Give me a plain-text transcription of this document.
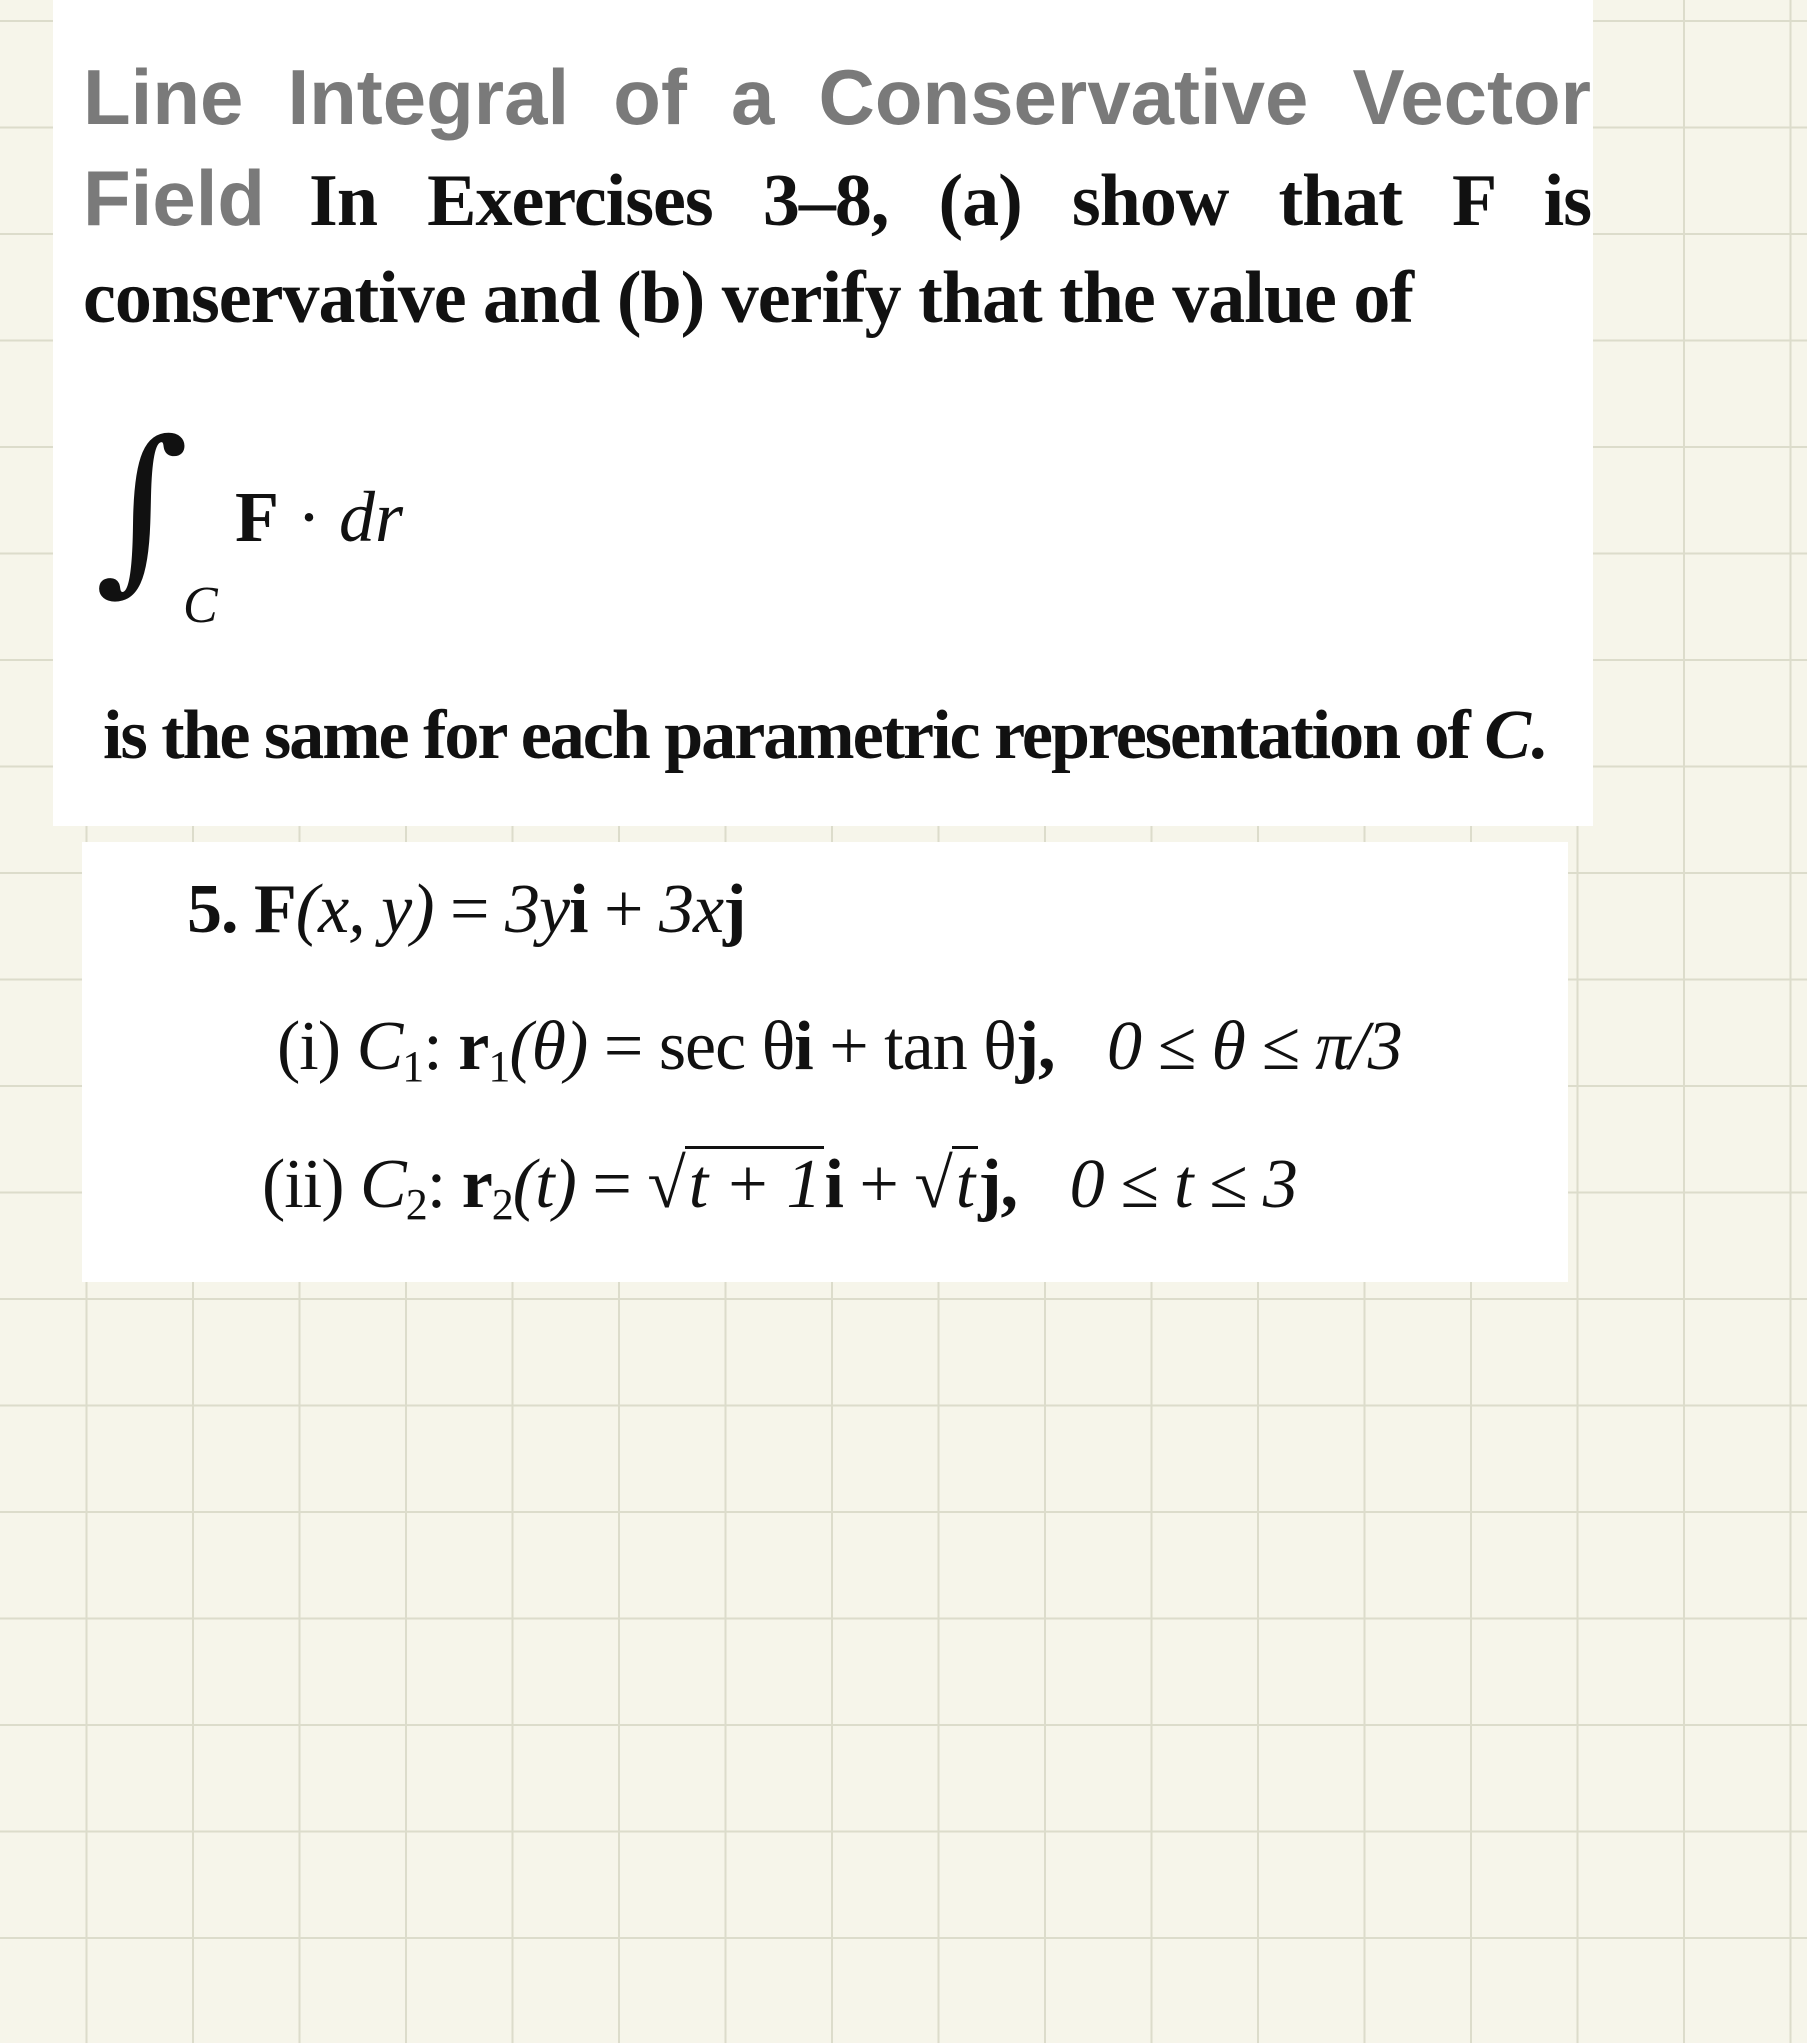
Line Integral of a Conservative Vector
Field In Exercises 3–8, (a) show that F is
conservative and (b) verify that the value of
∫
C
F · dr
is the same for each parametric representation of C.
5. F(x, y) = 3yi + 3xj
(i) $C_1$: $r_1(\theta) = \sec \theta i + \tan \theta j$, 0 ≤ θ ≤ π/3
(ii) $C_2$: $r_2(t) = √t + 1i + √tj$, 0 ≤ t ≤ 3
